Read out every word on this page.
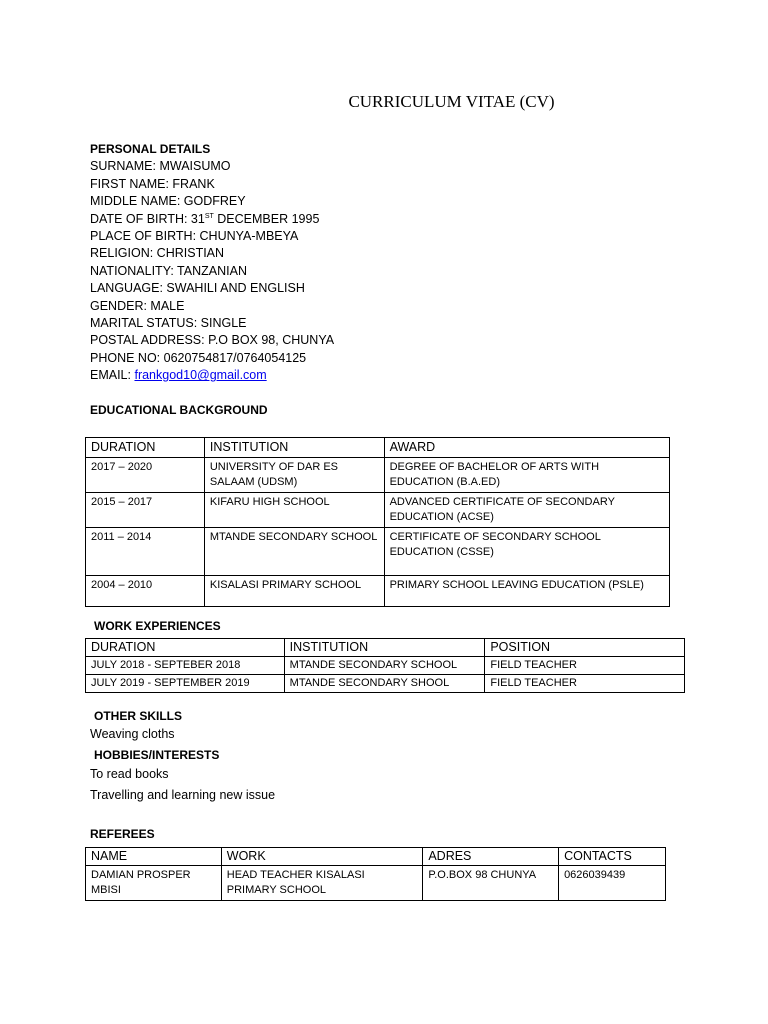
CURRICULUM VITAE (CV)
PERSONAL DETAILS
SURNAME: MWAISUMO
FIRST NAME: FRANK
MIDDLE NAME: GODFREY
DATE OF BIRTH: 31ST DECEMBER 1995
PLACE OF BIRTH: CHUNYA-MBEYA
RELIGION: CHRISTIAN
NATIONALITY: TANZANIAN
LANGUAGE: SWAHILI AND ENGLISH
GENDER: MALE
MARITAL STATUS: SINGLE
POSTAL ADDRESS: P.O BOX 98, CHUNYA
PHONE NO: 0620754817/0764054125
EMAIL: frankgod10@gmail.com
EDUCATIONAL BACKGROUND
DURATION	INSTITUTION	AWARD
2017 – 2020	UNIVERSITY OF DAR ES SALAAM (UDSM)	DEGREE OF BACHELOR OF ARTS WITH EDUCATION (B.A.ED)
2015 – 2017	KIFARU HIGH SCHOOL	ADVANCED CERTIFICATE OF SECONDARY EDUCATION (ACSE)
2011 – 2014	MTANDE SECONDARY SCHOOL	CERTIFICATE OF SECONDARY SCHOOL EDUCATION (CSSE)
2004 – 2010	KISALASI PRIMARY SCHOOL	PRIMARY SCHOOL LEAVING EDUCATION (PSLE)
WORK EXPERIENCES
DURATION	INSTITUTION	POSITION
JULY 2018 - SEPTEBER 2018	MTANDE SECONDARY SCHOOL	FIELD TEACHER
JULY 2019 - SEPTEMBER 2019	MTANDE SECONDARY SHOOL	FIELD TEACHER
OTHER SKILLS
Weaving cloths
HOBBIES/INTERESTS
To read books
Travelling and learning new issue
REFEREES
NAME	WORK	ADRES	CONTACTS
DAMIAN PROSPER MBISI	HEAD TEACHER KISALASI PRIMARY SCHOOL	P.O.BOX 98 CHUNYA	0626039439
